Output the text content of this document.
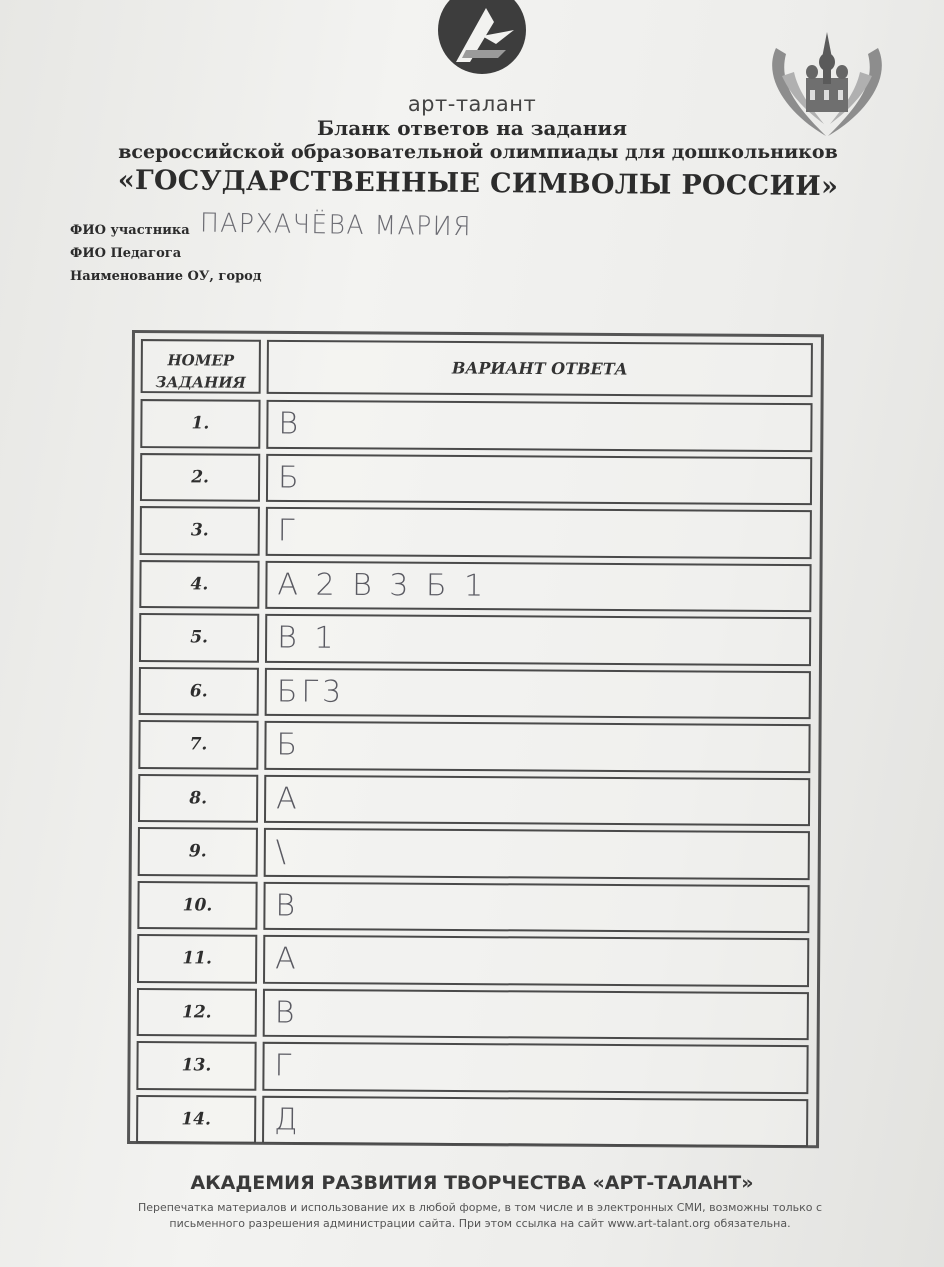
арт-талант
Бланк ответов на задания
всероссийской образовательной олимпиады для дошкольников
«ГОСУДАРСТВЕННЫЕ СИМВОЛЫ РОССИИ»
ФИО участника ПАРХАЧЁВА МАРИЯ
ФИО Педагога
Наименование ОУ, город
НОМЕР ЗАДАНИЯ
ВАРИАНТ ОТВЕТА
1.	В
2.	Б
3.	Г
4.	А 2 В 3 Б 1
5.	В 1
6.	БГ3
7.	Б
8.	А
9.	\
10.	В
11.	А
12.	В
13.	Г
14.	Д
АКАДЕМИЯ РАЗВИТИЯ ТВОРЧЕСТВА «АРТ-ТАЛАНТ»
Перепечатка материалов и использование их в любой форме, в том числе и в электронных СМИ, возможны только с
письменного разрешения администрации сайта. При этом ссылка на сайт www.art-talant.org обязательна.
